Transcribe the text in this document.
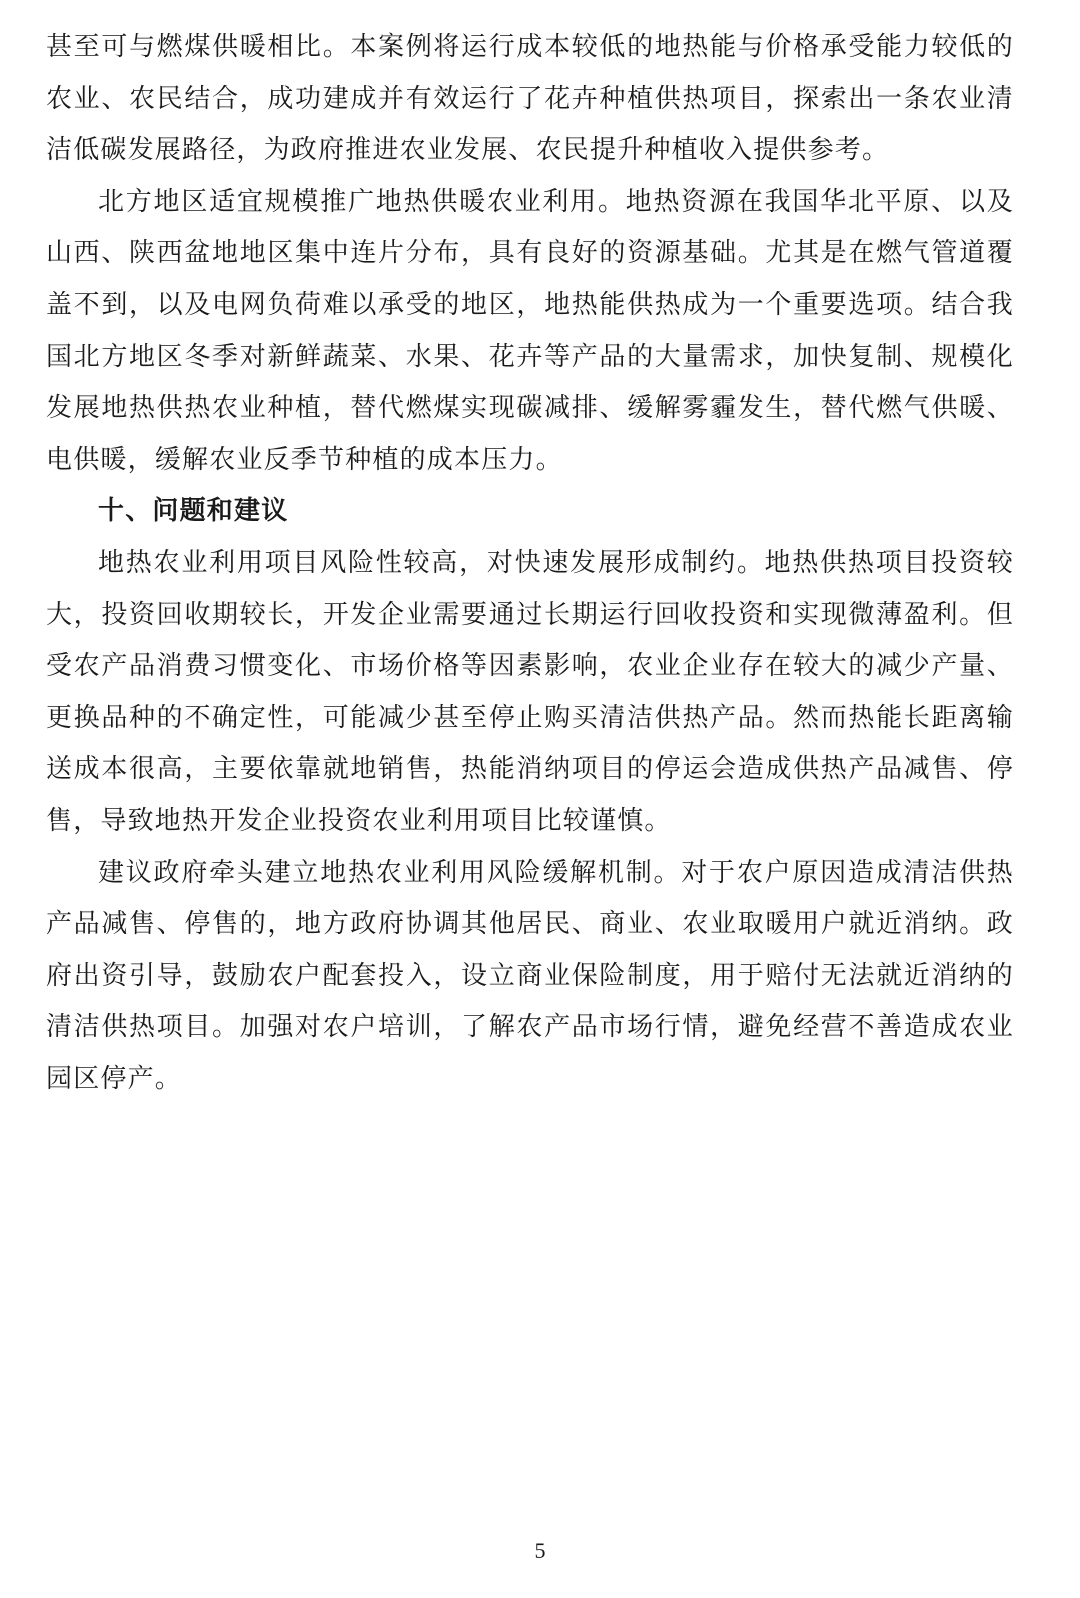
甚至可与燃煤供暖相比。本案例将运行成本较低的地热能与价格承受能力较低的农业、农民结合，成功建成并有效运行了花卉种植供热项目，探索出一条农业清洁低碳发展路径，为政府推进农业发展、农民提升种植收入提供参考。

北方地区适宜规模推广地热供暖农业利用。地热资源在我国华北平原、以及山西、陕西盆地地区集中连片分布，具有良好的资源基础。尤其是在燃气管道覆盖不到，以及电网负荷难以承受的地区，地热能供热成为一个重要选项。结合我国北方地区冬季对新鲜蔬菜、水果、花卉等产品的大量需求，加快复制、规模化发展地热供热农业种植，替代燃煤实现碳减排、缓解雾霾发生，替代燃气供暖、电供暖，缓解农业反季节种植的成本压力。

十、问题和建议

地热农业利用项目风险性较高，对快速发展形成制约。地热供热项目投资较大，投资回收期较长，开发企业需要通过长期运行回收投资和实现微薄盈利。但受农产品消费习惯变化、市场价格等因素影响，农业企业存在较大的减少产量、更换品种的不确定性，可能减少甚至停止购买清洁供热产品。然而热能长距离输送成本很高，主要依靠就地销售，热能消纳项目的停运会造成供热产品减售、停售，导致地热开发企业投资农业利用项目比较谨慎。

建议政府牵头建立地热农业利用风险缓解机制。对于农户原因造成清洁供热产品减售、停售的，地方政府协调其他居民、商业、农业取暖用户就近消纳。政府出资引导，鼓励农户配套投入，设立商业保险制度，用于赔付无法就近消纳的清洁供热项目。加强对农户培训，了解农产品市场行情，避免经营不善造成农业园区停产。

5
